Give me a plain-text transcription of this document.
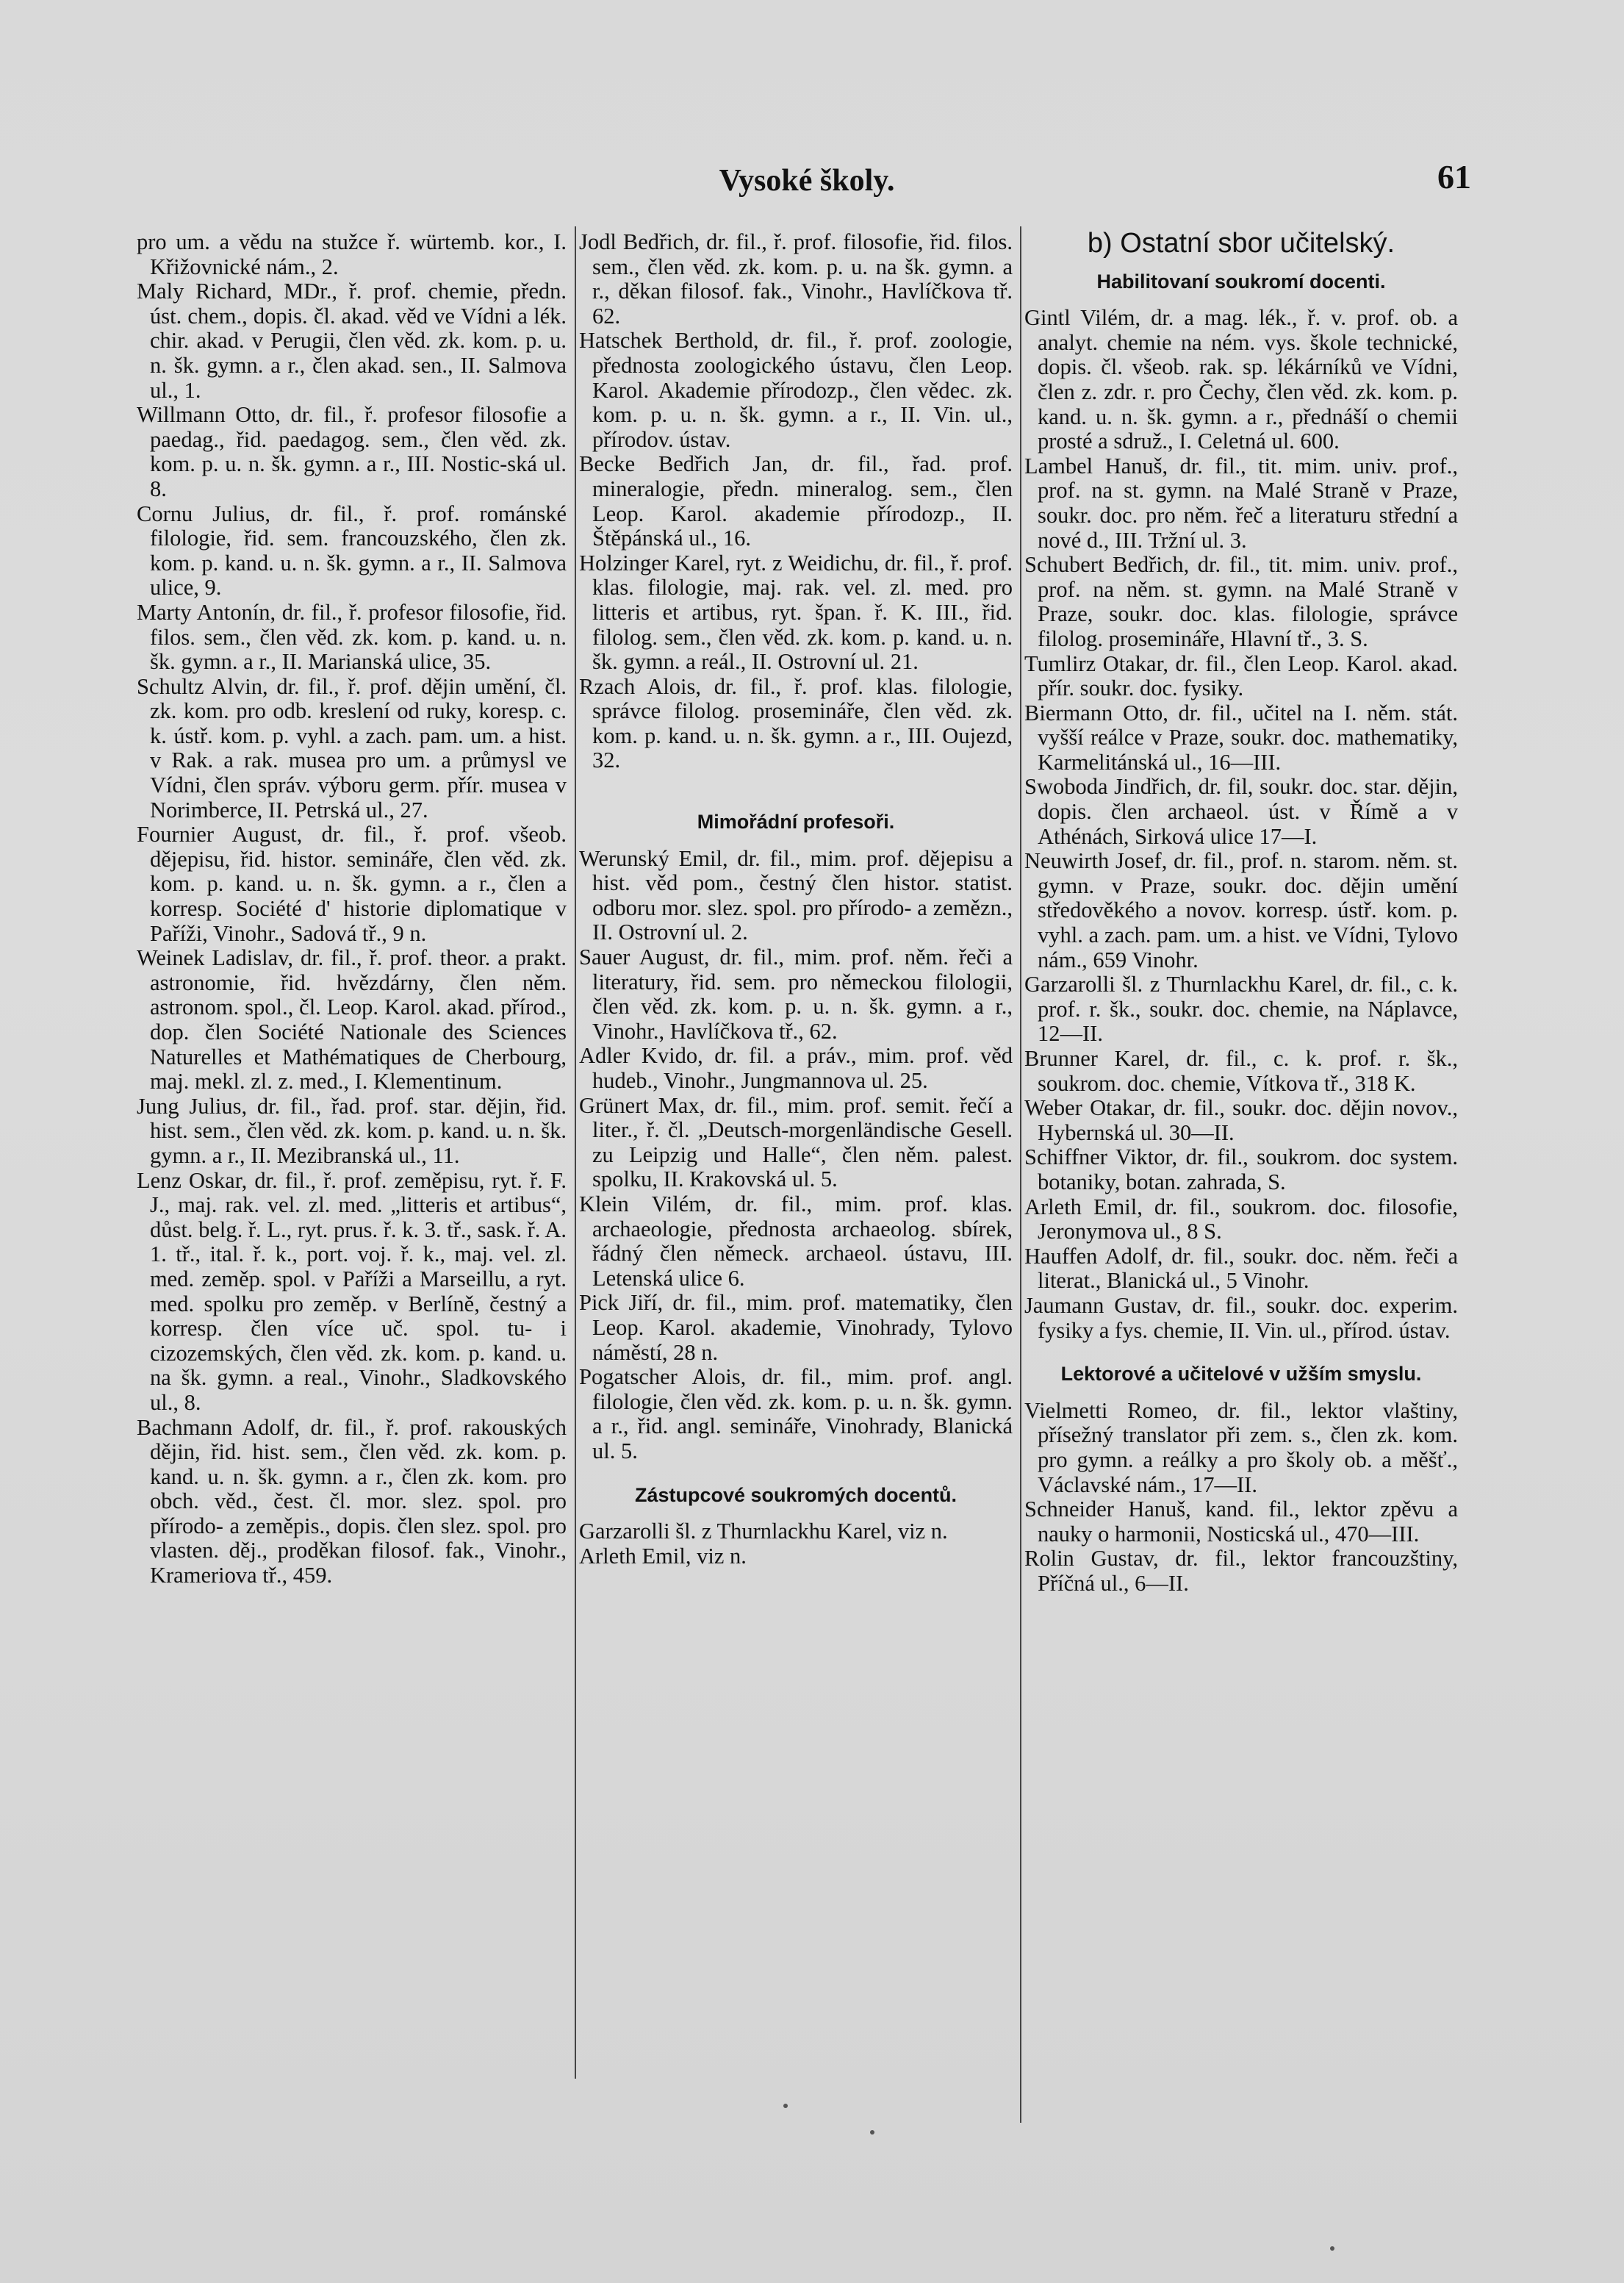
Vysoké školy.	61

pro um. a vědu na stužce ř. würtemb. kor., I. Křižovnické nám., 2.

Maly Richard, MDr., ř. prof. chemie, předn. úst. chem., dopis. čl. akad. věd ve Vídni a lék. chir. akad. v Perugii, člen věd. zk. kom. p. u. n. šk. gymn. a r., člen akad. sen., II. Salmova ul., 1.

Willmann Otto, dr. fil., ř. profesor filosofie a paedag., řid. paedagog. sem., člen věd. zk. kom. p. u. n. šk. gymn. a r., III. Nostic-ská ul. 8.

Cornu Julius, dr. fil., ř. prof. románské filologie, řid. sem. francouzského, člen zk. kom. p. kand. u. n. šk. gymn. a r., II. Salmova ulice, 9.

Marty Antonín, dr. fil., ř. profesor filosofie, řid. filos. sem., člen věd. zk. kom. p. kand. u. n. šk. gymn. a r., II. Marianská ulice, 35.

Schultz Alvin, dr. fil., ř. prof. dějin umění, čl. zk. kom. pro odb. kreslení od ruky, koresp. c. k. ústř. kom. p. vyhl. a zach. pam. um. a hist. v Rak. a rak. musea pro um. a průmysl ve Vídni, člen správ. výboru germ. přír. musea v Norimberce, II. Petrská ul., 27.

Fournier August, dr. fil., ř. prof. všeob. dějepisu, řid. histor. semináře, člen věd. zk. kom. p. kand. u. n. šk. gymn. a r., člen a korresp. Société d' historie diplomatique v Paříži, Vinohr., Sadová tř., 9 n.

Weinek Ladislav, dr. fil., ř. prof. theor. a prakt. astronomie, řid. hvězdárny, člen něm. astronom. spol., čl. Leop. Karol. akad. přírod., dop. člen Société Nationale des Sciences Naturelles et Mathématiques de Cherbourg, maj. mekl. zl. z. med., I. Klementinum.

Jung Julius, dr. fil., řad. prof. star. dějin, řid. hist. sem., člen věd. zk. kom. p. kand. u. n. šk. gymn. a r., II. Mezibranská ul., 11.

Lenz Oskar, dr. fil., ř. prof. zeměpisu, ryt. ř. F. J., maj. rak. vel. zl. med. „litteris et artibus“, důst. belg. ř. L., ryt. prus. ř. k. 3. tř., sask. ř. A. 1. tř., ital. ř. k., port. voj. ř. k., maj. vel. zl. med. zeměp. spol. v Paříži a Marseillu, a ryt. med. spolku pro zeměp. v Berlíně, čestný a korresp. člen více uč. spol. tu- i cizozemských, člen věd. zk. kom. p. kand. u. na šk. gymn. a real., Vinohr., Sladkovského ul., 8.

Bachmann Adolf, dr. fil., ř. prof. rakouských dějin, řid. hist. sem., člen věd. zk. kom. p. kand. u. n. šk. gymn. a r., člen zk. kom. pro obch. věd., čest. čl. mor. slez. spol. pro přírodo- a zeměpis., dopis. člen slez. spol. pro vlasten. děj., proděkan filosof. fak., Vinohr., Krameriova tř., 459.

Jodl Bedřich, dr. fil., ř. prof. filosofie, řid. filos. sem., člen věd. zk. kom. p. u. na šk. gymn. a r., děkan filosof. fak., Vinohr., Havlíčkova tř. 62.

Hatschek Berthold, dr. fil., ř. prof. zoologie, přednosta zoologického ústavu, člen Leop. Karol. Akademie přírodozp., člen vědec. zk. kom. p. u. n. šk. gymn. a r., II. Vin. ul., přírodov. ústav.

Becke Bedřich Jan, dr. fil., řad. prof. mineralogie, předn. mineralog. sem., člen Leop. Karol. akademie přírodozp., II. Štěpánská ul., 16.

Holzinger Karel, ryt. z Weidichu, dr. fil., ř. prof. klas. filologie, maj. rak. vel. zl. med. pro litteris et artibus, ryt. špan. ř. K. III., řid. filolog. sem., člen věd. zk. kom. p. kand. u. n. šk. gymn. a reál., II. Ostrovní ul. 21.

Rzach Alois, dr. fil., ř. prof. klas. filologie, správce filolog. prosemináře, člen věd. zk. kom. p. kand. u. n. šk. gymn. a r., III. Oujezd, 32.

Mimořádní profesoři.

Werunský Emil, dr. fil., mim. prof. dějepisu a hist. věd pom., čestný člen histor. statist. odboru mor. slez. spol. pro přírodo- a zemězn., II. Ostrovní ul. 2.

Sauer August, dr. fil., mim. prof. něm. řeči a literatury, řid. sem. pro německou filologii, člen věd. zk. kom. p. u. n. šk. gymn. a r., Vinohr., Havlíčkova tř., 62.

Adler Kvido, dr. fil. a práv., mim. prof. věd hudeb., Vinohr., Jungmannova ul. 25.

Grünert Max, dr. fil., mim. prof. semit. řečí a liter., ř. čl. „Deutsch-morgenländische Gesell. zu Leipzig und Halle“, člen něm. palest. spolku, II. Krakovská ul. 5.

Klein Vilém, dr. fil., mim. prof. klas. archaeologie, přednosta archaeolog. sbírek, řádný člen německ. archaeol. ústavu, III. Letenská ulice 6.

Pick Jiří, dr. fil., mim. prof. matematiky, člen Leop. Karol. akademie, Vinohrady, Tylovo náměstí, 28 n.

Pogatscher Alois, dr. fil., mim. prof. angl. filologie, člen věd. zk. kom. p. u. n. šk. gymn. a r., řid. angl. semináře, Vinohrady, Blanická ul. 5.

Zástupcové soukromých docentů.

Garzarolli šl. z Thurnlackhu Karel, viz n.

Arleth Emil, viz n.

b) Ostatní sbor učitelský.
Habilitovaní soukromí docenti.

Gintl Vilém, dr. a mag. lék., ř. v. prof. ob. a analyt. chemie na ném. vys. škole technické, dopis. čl. všeob. rak. sp. lékárníků ve Vídni, člen z. zdr. r. pro Čechy, člen věd. zk. kom. p. kand. u. n. šk. gymn. a r., přednáší o chemii prosté a sdruž., I. Celetná ul. 600.

Lambel Hanuš, dr. fil., tit. mim. univ. prof., prof. na st. gymn. na Malé Straně v Praze, soukr. doc. pro něm. řeč a literaturu střední a nové d., III. Tržní ul. 3.

Schubert Bedřich, dr. fil., tit. mim. univ. prof., prof. na něm. st. gymn. na Malé Straně v Praze, soukr. doc. klas. filologie, správce filolog. prosemináře, Hlavní tř., 3. S.

Tumlirz Otakar, dr. fil., člen Leop. Karol. akad. přír. soukr. doc. fysiky.

Biermann Otto, dr. fil., učitel na I. něm. stát. vyšší reálce v Praze, soukr. doc. mathematiky, Karmelitánská ul., 16—III.

Swoboda Jindřich, dr. fil, soukr. doc. star. dějin, dopis. člen archaeol. úst. v Římě a v Athénách, Sirková ulice 17—I.

Neuwirth Josef, dr. fil., prof. n. starom. něm. st. gymn. v Praze, soukr. doc. dějin umění středověkého a novov. korresp. ústř. kom. p. vyhl. a zach. pam. um. a hist. ve Vídni, Tylovo nám., 659 Vinohr.

Garzarolli šl. z Thurnlackhu Karel, dr. fil., c. k. prof. r. šk., soukr. doc. chemie, na Náplavce, 12—II.

Brunner Karel, dr. fil., c. k. prof. r. šk., soukrom. doc. chemie, Vítkova tř., 318 K.

Weber Otakar, dr. fil., soukr. doc. dějin novov., Hybernská ul. 30—II.

Schiffner Viktor, dr. fil., soukrom. doc system. botaniky, botan. zahrada, S.

Arleth Emil, dr. fil., soukrom. doc. filosofie, Jeronymova ul., 8 S.

Hauffen Adolf, dr. fil., soukr. doc. něm. řeči a literat., Blanická ul., 5 Vinohr.

Jaumann Gustav, dr. fil., soukr. doc. experim. fysiky a fys. chemie, II. Vin. ul., přírod. ústav.

Lektorové a učitelové v užším smyslu.

Vielmetti Romeo, dr. fil., lektor vlaštiny, přísežný translator při zem. s., člen zk. kom. pro gymn. a reálky a pro školy ob. a měšť., Václavské nám., 17—II.

Schneider Hanuš, kand. fil., lektor zpěvu a nauky o harmonii, Nosticská ul., 470—III.

Rolin Gustav, dr. fil., lektor francouzštiny, Příčná ul., 6—II.
